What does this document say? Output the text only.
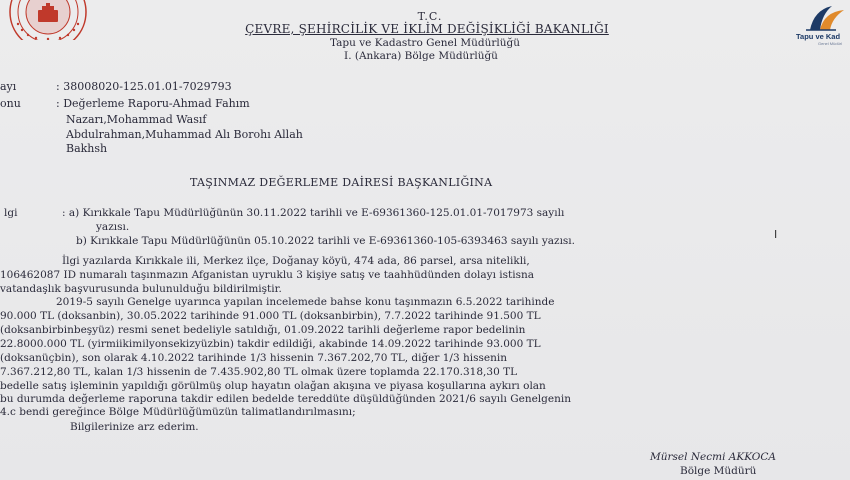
Tapu ve Kad
Genel Müdürl
T.C.
ÇEVRE, ŞEHİRCİLİK VE İKLİM DEĞİŞİKLİĞİ BAKANLIĞI
Tapu ve Kadastro Genel Müdürlüğü
I. (Ankara) Bölge Müdürlüğü
ayı	: 38008020-125.01.01-7029793
onu	: Değerleme Raporu-Ahmad Fahım
Nazarı,Mohammad Wasıf
Abdulrahman,Muhammad Alı Borohı Allah
Bakhsh
TAŞINMAZ DEĞERLEME DAİRESİ BAŞKANLIĞINA
lgi	: a) Kırıkkale Tapu Müdürlüğünün 30.11.2022 tarihli ve E-69361360-125.01.01-7017973 sayılı
yazısı.
b) Kırıkkale Tapu Müdürlüğünün 05.10.2022 tarihli ve E-69361360-105-6393463 sayılı yazısı.	I
İlgi yazılarda Kırıkkale ili, Merkez ilçe, Doğanay köyü, 474 ada, 86 parsel, arsa nitelikli,
106462087 ID numaralı taşınmazın Afganistan uyruklu 3 kişiye satış ve taahhüdünden dolayı istisna
vatandaşlık başvurusunda bulunulduğu bildirilmiştir.
2019-5 sayılı Genelge uyarınca yapılan incelemede bahse konu taşınmazın 6.5.2022 tarihinde
90.000 TL (doksanbin), 30.05.2022 tarihinde 91.000 TL (doksanbirbin), 7.7.2022 tarihinde 91.500 TL
(doksanbirbinbeşyüz) resmi senet bedeliyle satıldığı, 01.09.2022 tarihli değerleme rapor bedelinin
22.8000.000 TL (yirmiikimilyonsekizyüzbin) takdir edildiği, akabinde 14.09.2022 tarihinde 93.000 TL
(doksanüçbin), son olarak 4.10.2022 tarihinde 1/3 hissenin 7.367.202,70 TL, diğer 1/3 hissenin
7.367.212,80 TL, kalan 1/3 hissenin de 7.435.902,80 TL olmak üzere toplamda 22.170.318,30 TL
bedelle satış işleminin yapıldığı görülmüş olup hayatın olağan akışına ve piyasa koşullarına aykırı olan
bu durumda değerleme raporuna takdir edilen bedelde tereddüte düşüldüğünden 2021/6 sayılı Genelgenin
4.c bendi gereğince Bölge Müdürlüğümüzün talimatlandırılmasını;
Bilgilerinize arz ederim.
Mürsel Necmi AKKOCA
Bölge Müdürü
